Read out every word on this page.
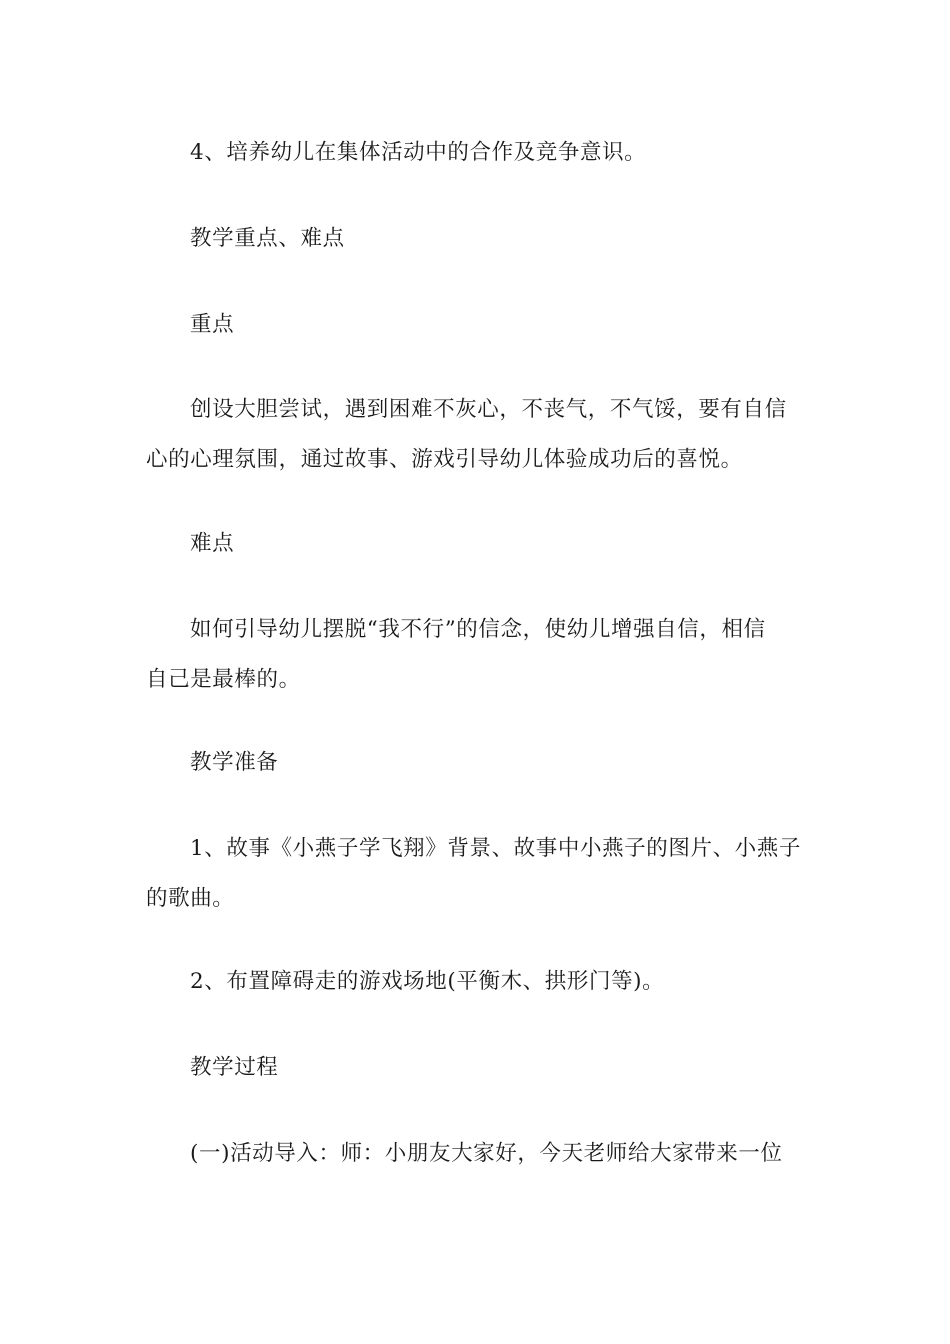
4、培养幼儿在集体活动中的合作及竞争意识。
教学重点、难点
重点
创设大胆尝试，遇到困难不灰心，不丧气，不气馁，要有自信
心的心理氛围，通过故事、游戏引导幼儿体验成功后的喜悦。
难点
如何引导幼儿摆脱“我不行”的信念，使幼儿增强自信，相信
自己是最棒的。
教学准备
1、故事《小燕子学飞翔》背景、故事中小燕子的图片、小燕子
的歌曲。
2、布置障碍走的游戏场地(平衡木、拱形门等)。
教学过程
(一)活动导入：师：小朋友大家好，今天老师给大家带来一位
